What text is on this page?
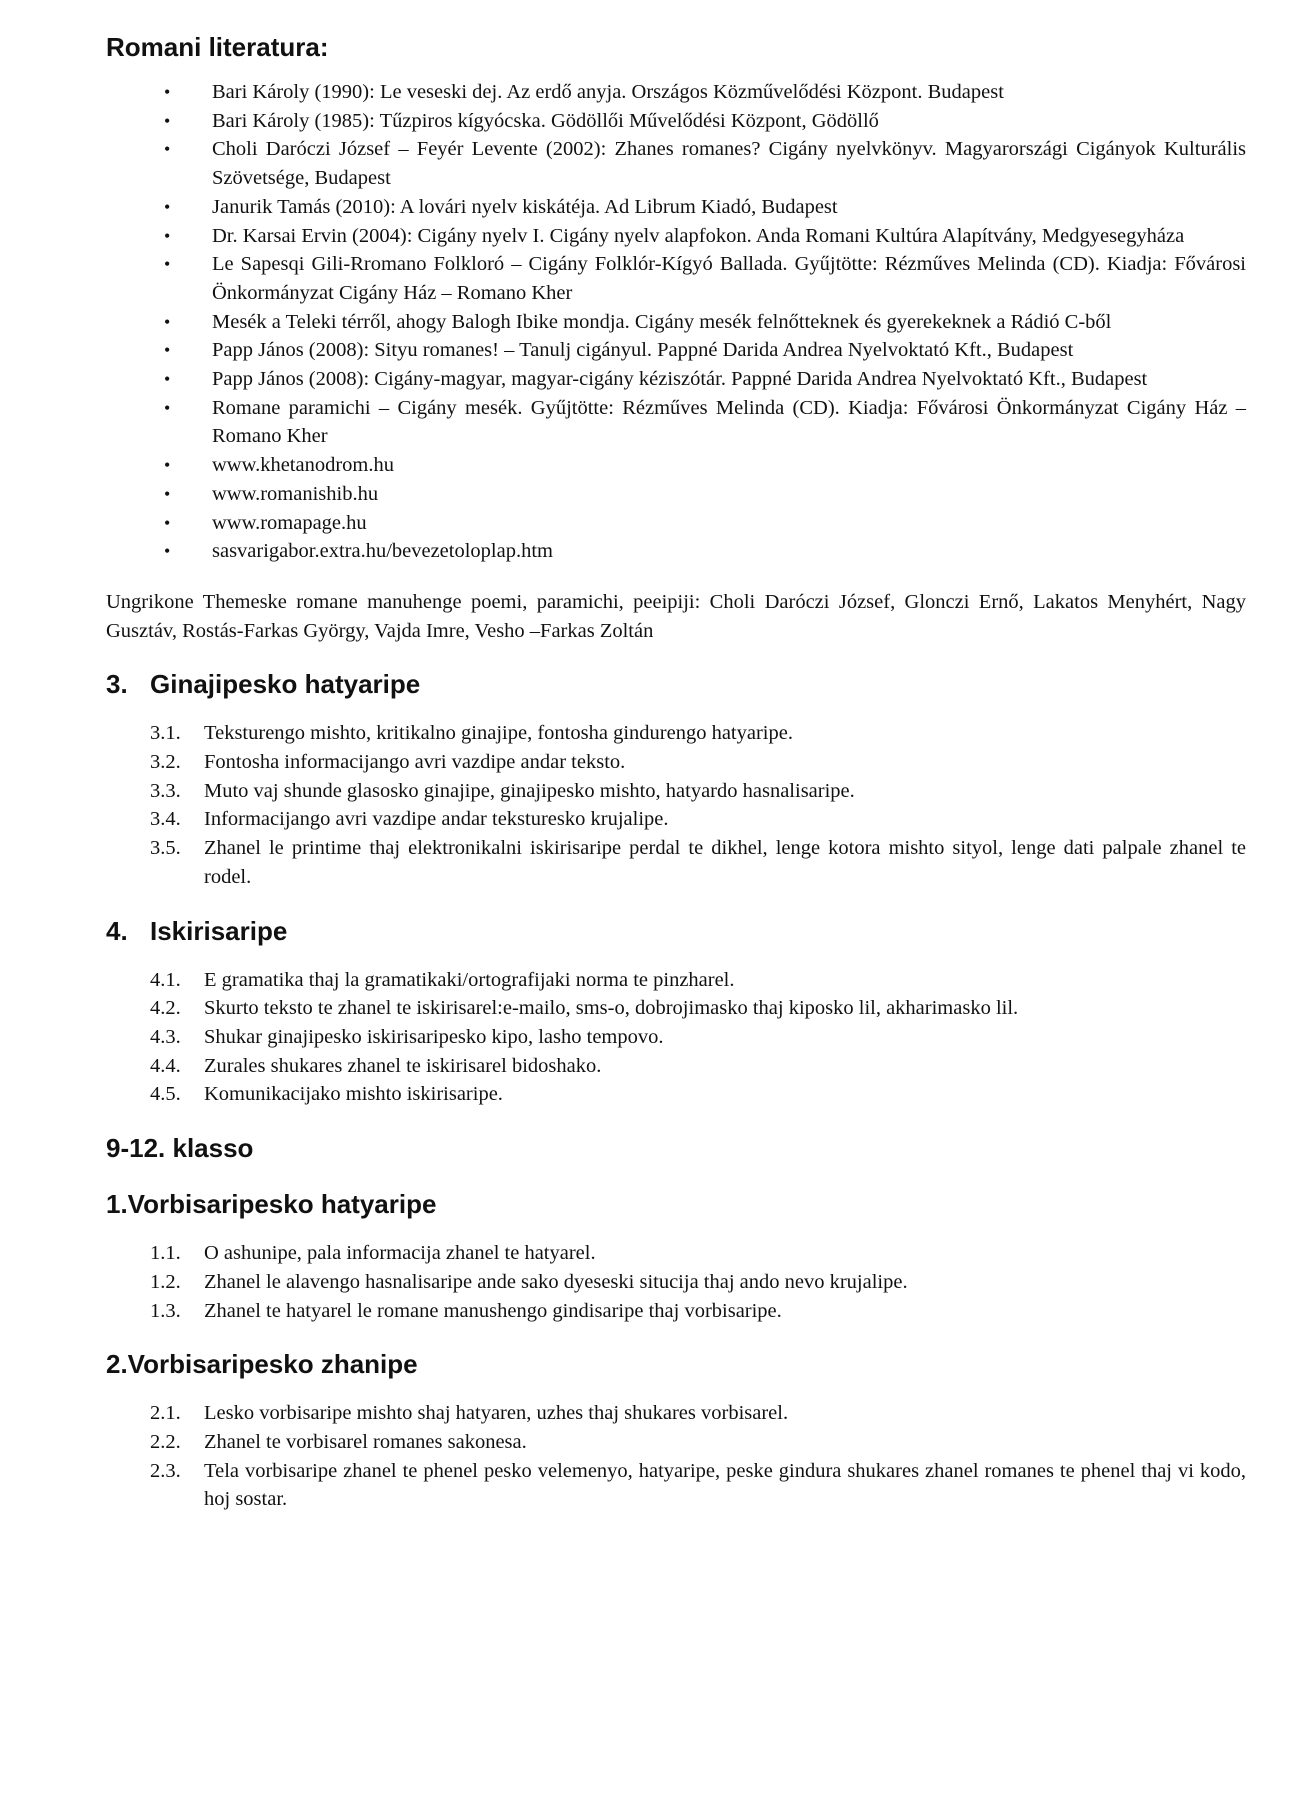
Romani literatura:
• Bari Károly (1990): Le veseski dej. Az erdő anyja. Országos Közművelődési Központ. Budapest
• Bari Károly (1985): Tűzpiros kígyócska. Gödöllői Művelődési Központ, Gödöllő
• Choli Daróczi József – Feyér Levente (2002): Zhanes romanes? Cigány nyelvkönyv. Magyarországi Cigányok Kulturális Szövetsége, Budapest
• Janurik Tamás (2010): A lovári nyelv kiskátéja. Ad Librum Kiadó, Budapest
• Dr. Karsai Ervin (2004): Cigány nyelv I. Cigány nyelv alapfokon. Anda Romani Kultúra Alapítvány, Medgyesegyháza
• Le Sapesqi Gili-Rromano Folkloró – Cigány Folklór-Kígyó Ballada. Gyűjtötte: Rézműves Melinda (CD). Kiadja: Fővárosi Önkormányzat Cigány Ház – Romano Kher
• Mesék a Teleki térről, ahogy Balogh Ibike mondja. Cigány mesék felnőtteknek és gyerekeknek a Rádió C-ből
• Papp János (2008): Sityu romanes! – Tanulj cigányul. Pappné Darida Andrea Nyelvoktató Kft., Budapest
• Papp János (2008): Cigány-magyar, magyar-cigány kéziszótár. Pappné Darida Andrea Nyelvoktató Kft., Budapest
• Romane paramichi – Cigány mesék. Gyűjtötte: Rézműves Melinda (CD). Kiadja: Fővárosi Önkormányzat Cigány Ház – Romano Kher
• www.khetanodrom.hu
• www.romanishib.hu
• www.romapage.hu
• sasvarigabor.extra.hu/bevezetoloplap.htm

Ungrikone Themeske romane manuhenge poemi, paramichi, peeipiji: Choli Daróczi József, Glonczi Ernő, Lakatos Menyhért, Nagy Gusztáv, Rostás-Farkas György, Vajda Imre, Vesho –Farkas Zoltán

3. Ginajipesko hatyaripe
3.1. Teksturengo mishto, kritikalno ginajipe, fontosha gindurengo hatyaripe.
3.2. Fontosha informacijango avri vazdipe andar teksto.
3.3. Muto vaj shunde glasosko ginajipe, ginajipesko mishto, hatyardo hasnalisaripe.
3.4. Informacijango avri vazdipe andar teksturesko krujalipe.
3.5. Zhanel le printime thaj elektronikalni iskirisaripe perdal te dikhel, lenge kotora mishto sityol, lenge dati palpale zhanel te rodel.
4. Iskirisaripe
4.1. E gramatika thaj la gramatikaki/ortografijaki norma te pinzharel.
4.2. Skurto teksto te zhanel te iskirisarel:e-mailo, sms-o, dobrojimasko thaj kiposko lil, akharimasko lil.
4.3. Shukar ginajipesko iskirisaripesko kipo, lasho tempovo.
4.4. Zurales shukares zhanel te iskirisarel bidoshako.
4.5. Komunikacijako mishto iskirisaripe.
9-12. klasso
1.Vorbisaripesko hatyaripe
1.1. O ashunipe, pala informacija zhanel te hatyarel.
1.2. Zhanel le alavengo hasnalisaripe ande sako dyeseski situcija thaj ando nevo krujalipe.
1.3. Zhanel te hatyarel le romane manushengo gindisaripe thaj vorbisaripe.
2.Vorbisaripesko zhanipe
2.1. Lesko vorbisaripe mishto shaj hatyaren, uzhes thaj shukares vorbisarel.
2.2. Zhanel te vorbisarel romanes sakonesa.
2.3. Tela vorbisaripe zhanel te phenel pesko velemenyo, hatyaripe, peske gindura shukares zhanel romanes te phenel thaj vi kodo, hoj sostar.
